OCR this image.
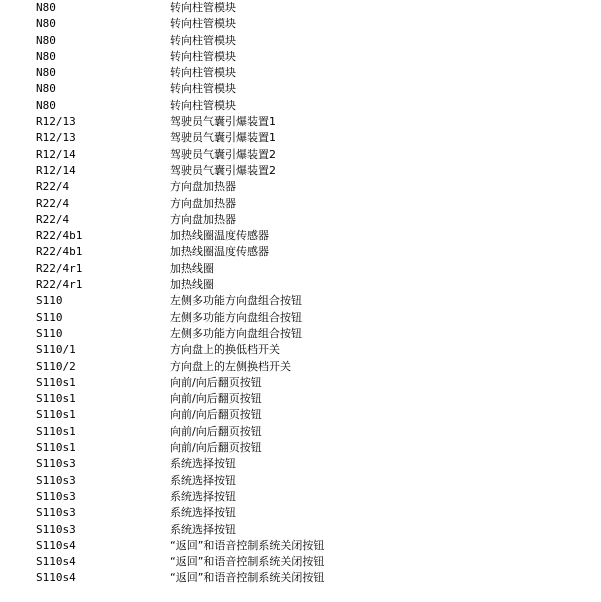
N80	转向柱管模块
N80	转向柱管模块
N80	转向柱管模块
N80	转向柱管模块
N80	转向柱管模块
N80	转向柱管模块
N80	转向柱管模块
R12/13	驾驶员气囊引爆装置1
R12/13	驾驶员气囊引爆装置1
R12/14	驾驶员气囊引爆装置2
R12/14	驾驶员气囊引爆装置2
R22/4	方向盘加热器
R22/4	方向盘加热器
R22/4	方向盘加热器
R22/4b1	加热线圈温度传感器
R22/4b1	加热线圈温度传感器
R22/4r1	加热线圈
R22/4r1	加热线圈
S110	左侧多功能方向盘组合按钮
S110	左侧多功能方向盘组合按钮
S110	左侧多功能方向盘组合按钮
S110/1	方向盘上的换低档开关
S110/2	方向盘上的左侧换档开关
S110s1	向前/向后翻页按钮
S110s1	向前/向后翻页按钮
S110s1	向前/向后翻页按钮
S110s1	向前/向后翻页按钮
S110s1	向前/向后翻页按钮
S110s3	系统选择按钮
S110s3	系统选择按钮
S110s3	系统选择按钮
S110s3	系统选择按钮
S110s3	系统选择按钮
S110s4	“返回”和语音控制系统关闭按钮
S110s4	“返回”和语音控制系统关闭按钮
S110s4	“返回”和语音控制系统关闭按钮
